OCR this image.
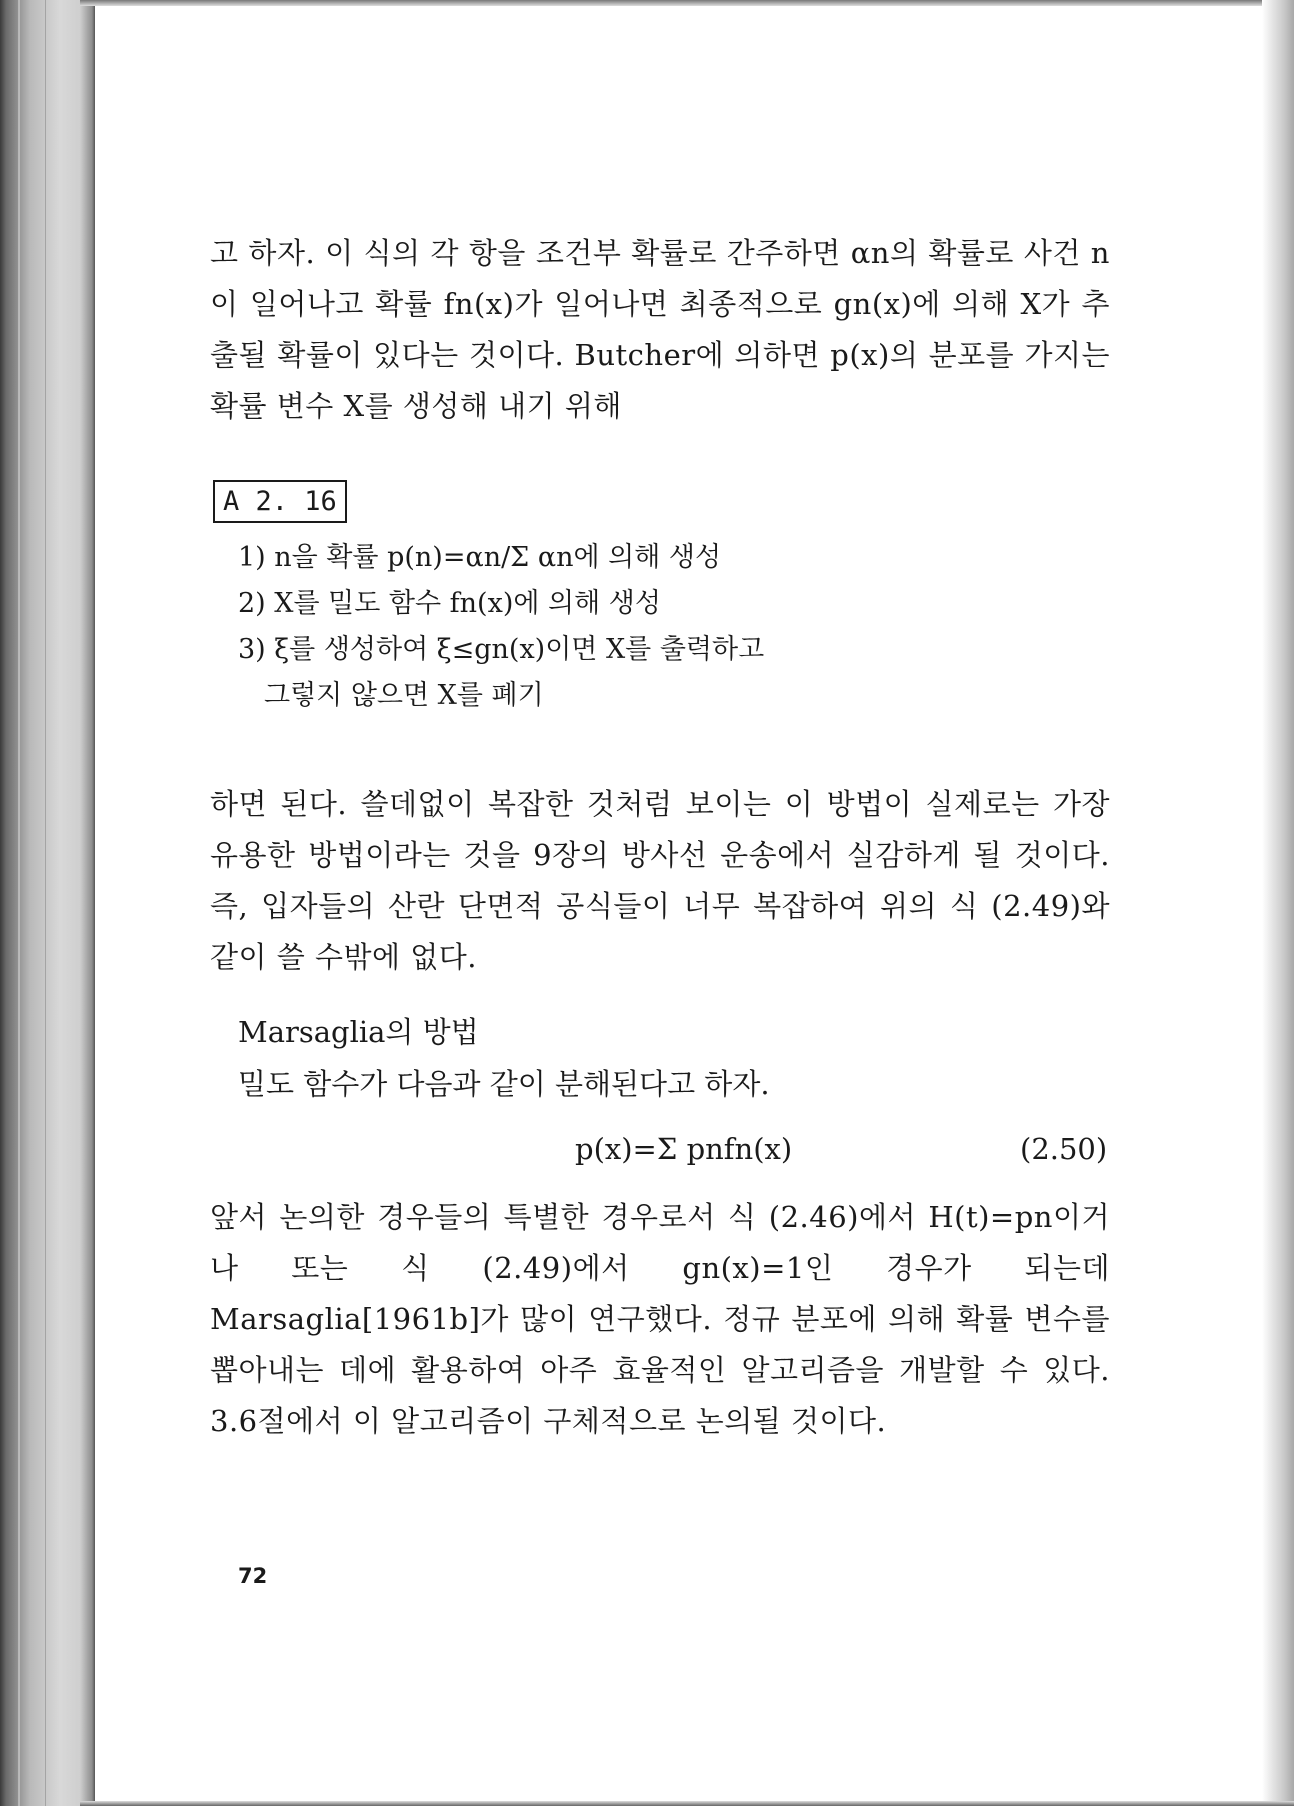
고 하자. 이 식의 각 항을 조건부 확률로 간주하면 αn의 확률로 사건 n이 일어나고 확률 fn(x)가 일어나면 최종적으로 gn(x)에 의해 X가 추출될 확률이 있다는 것이다. Butcher에 의하면 p(x)의 분포를 가지는 확률 변수 X를 생성해 내기 위해

A 2. 16
1) n을 확률 p(n)=αn/Σ αn에 의해 생성
2) X를 밀도 함수 fn(x)에 의해 생성
3) ξ를 생성하여 ξ≤gn(x)이면 X를 출력하고
그렇지 않으면 X를 폐기

하면 된다. 쓸데없이 복잡한 것처럼 보이는 이 방법이 실제로는 가장 유용한 방법이라는 것을 9장의 방사선 운송에서 실감하게 될 것이다. 즉, 입자들의 산란 단면적 공식들이 너무 복잡하여 위의 식 (2.49)와 같이 쓸 수밖에 없다.

Marsaglia의 방법
밀도 함수가 다음과 같이 분해된다고 하자.
p(x)=Σ pnfn(x)	(2.50)

앞서 논의한 경우들의 특별한 경우로서 식 (2.46)에서 H(t)=pn이거나 또는 식 (2.49)에서 gn(x)=1인 경우가 되는데 Marsaglia[1961b]가 많이 연구했다. 정규 분포에 의해 확률 변수를 뽑아내는 데에 활용하여 아주 효율적인 알고리즘을 개발할 수 있다. 3.6절에서 이 알고리즘이 구체적으로 논의될 것이다.

72
